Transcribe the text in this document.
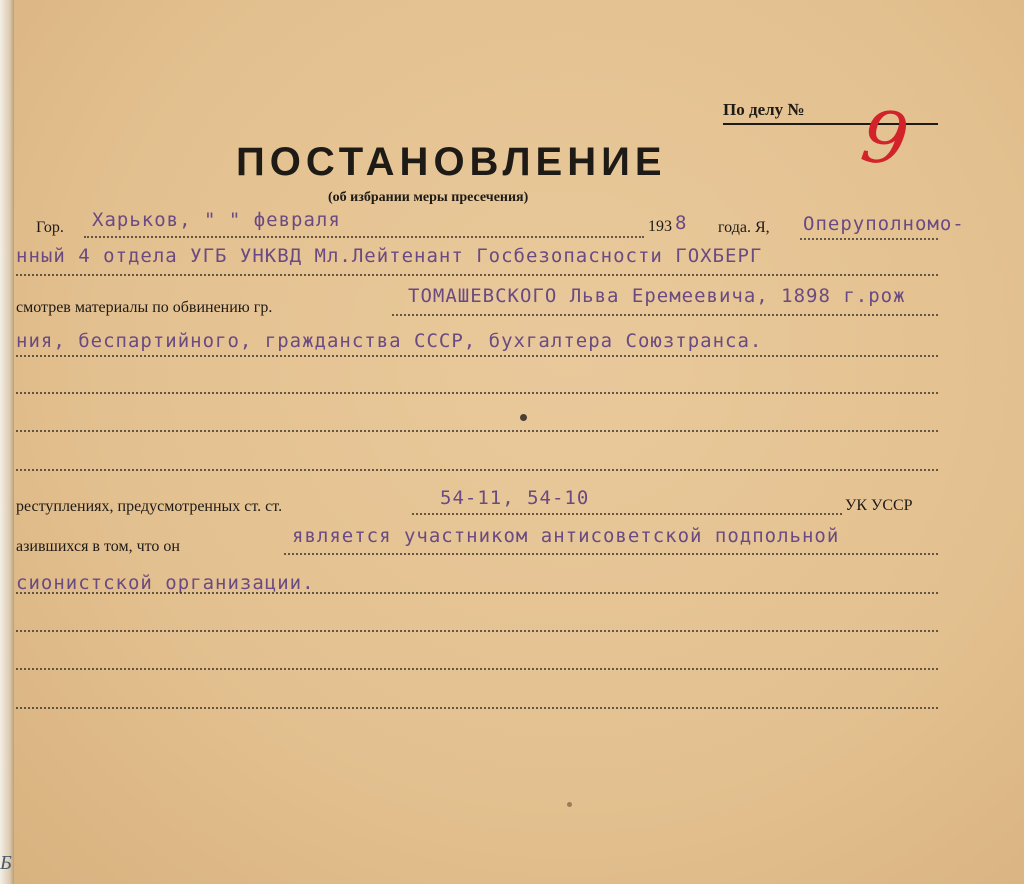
По делу № 9
ПОСТАНОВЛЕНИЕ
(об избрании меры пресечения)
Гор. Харьков, " " февраля	193 8 года. Я, Оперуполномо-
нный 4 отдела УГБ УНКВД Мл.Лейтенант Госбезопасности ГОХБЕРГ
смотрев материалы по обвинению гр.
ТОМАШЕВСКОГО Льва Еремеевича, 1898 г.рож
ния, беспартийного, гражданства СССР, бухгалтера Союзтранса.
реступлениях, предусмотренных ст. ст.	54-11, 54-10	УК УССР
азившихся в том, что он	является участником антисоветской подпольной
сионистской организации.
Б
